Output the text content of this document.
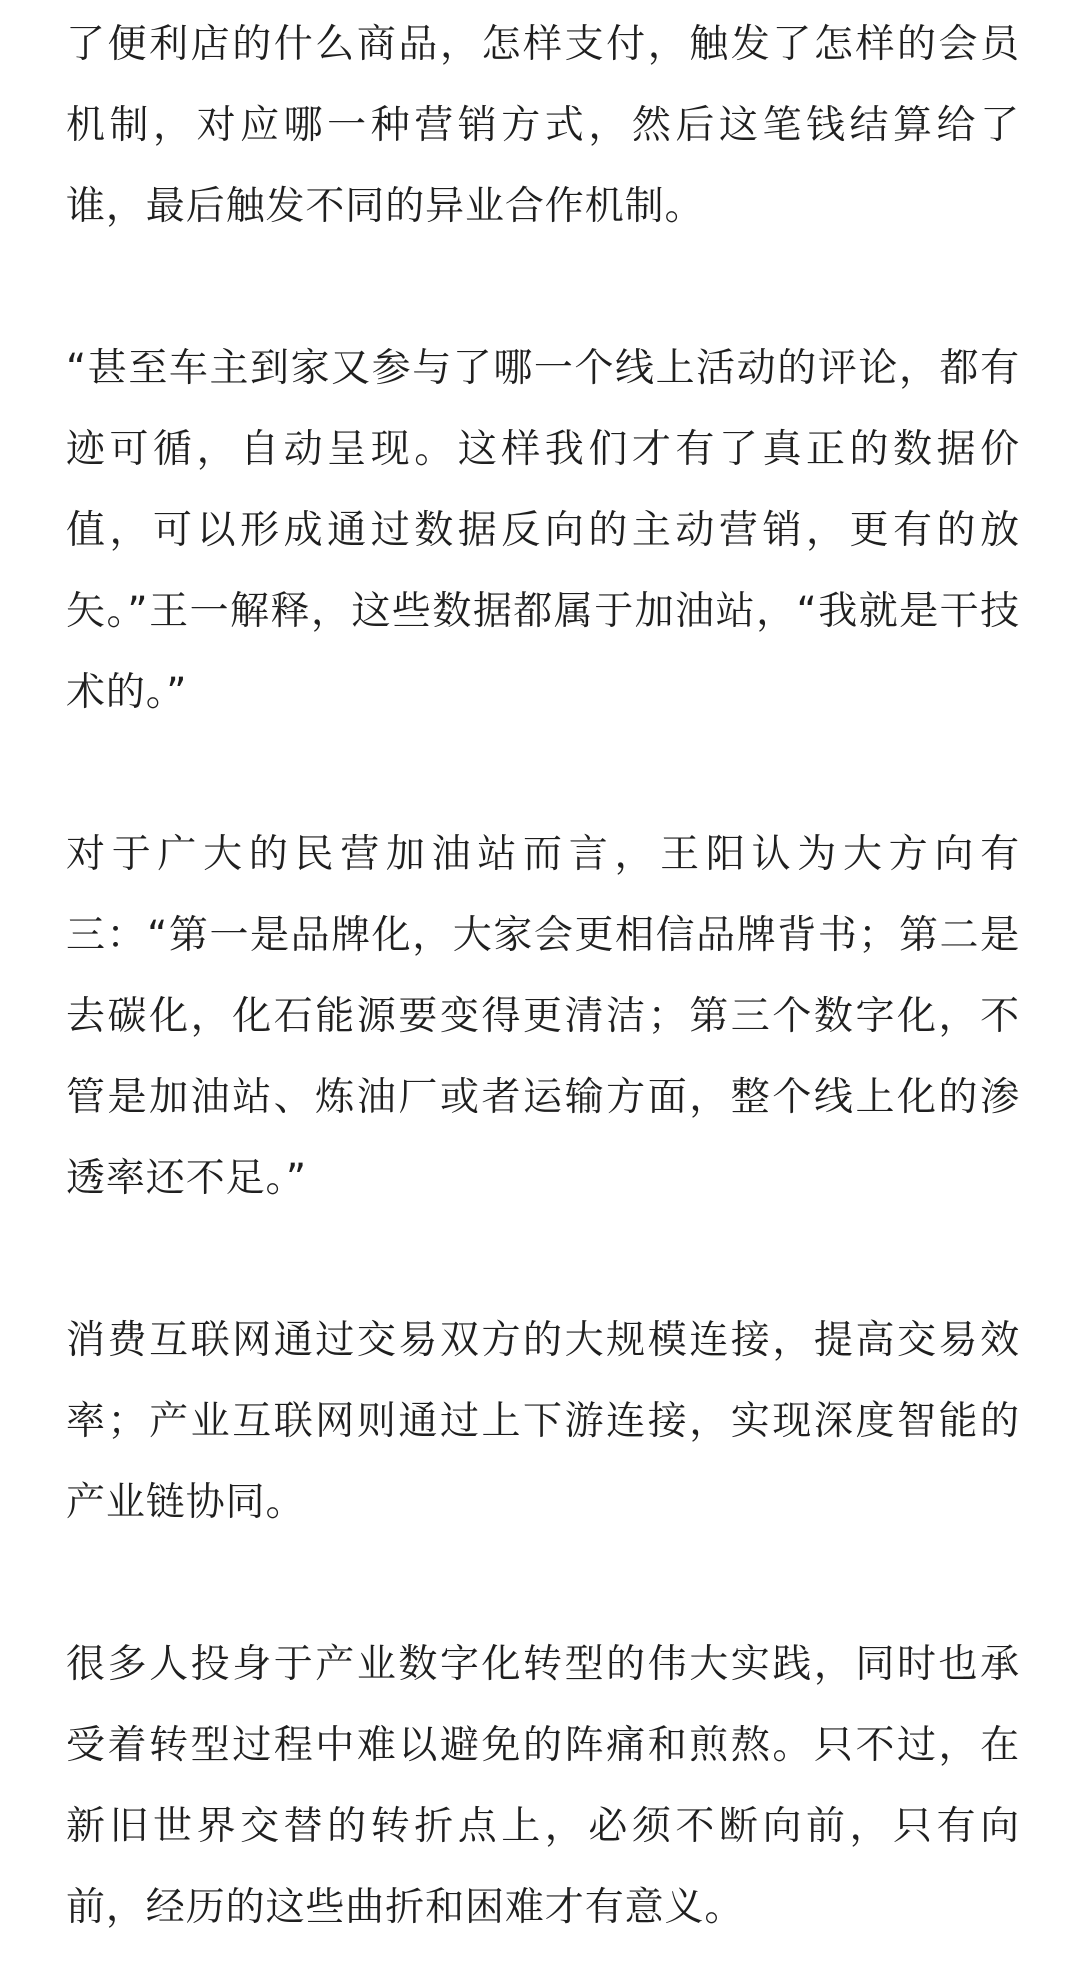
了便利店的什么商品，怎样支付，触发了怎样的会员机制，对应哪一种营销方式，然后这笔钱结算给了谁，最后触发不同的异业合作机制。

“甚至车主到家又参与了哪一个线上活动的评论，都有迹可循，自动呈现。这样我们才有了真正的数据价值，可以形成通过数据反向的主动营销，更有的放矢。”王一解释，这些数据都属于加油站，“我就是干技术的。”

对于广大的民营加油站而言，王阳认为大方向有三：“第一是品牌化，大家会更相信品牌背书；第二是去碳化，化石能源要变得更清洁；第三个数字化，不管是加油站、炼油厂或者运输方面，整个线上化的渗透率还不足。”

消费互联网通过交易双方的大规模连接，提高交易效率；产业互联网则通过上下游连接，实现深度智能的产业链协同。

很多人投身于产业数字化转型的伟大实践，同时也承受着转型过程中难以避免的阵痛和煎熬。只不过，在新旧世界交替的转折点上，必须不断向前，只有向前，经历的这些曲折和困难才有意义。
